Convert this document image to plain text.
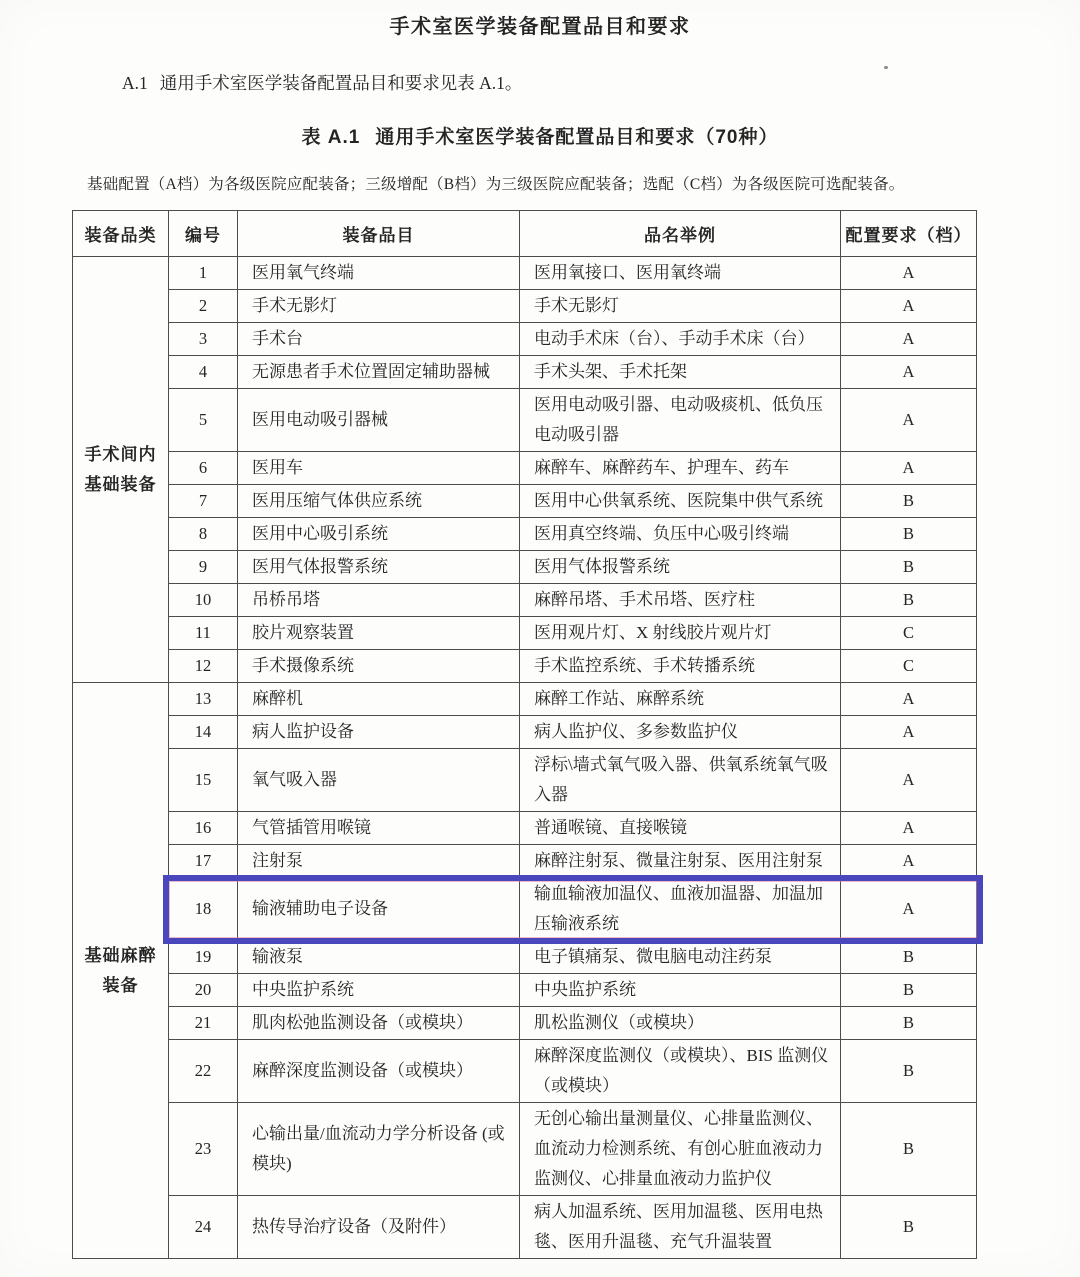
手术室医学装备配置品目和要求

A.1 通用手术室医学装备配置品目和要求见表 A.1。

表 A.1 通用手术室医学装备配置品目和要求（70种）

基础配置（A档）为各级医院应配装备；三级增配（B档）为三级医院应配装备；选配（C档）为各级医院可选配装备。

装备品类	编号	装备品目	品名举例	配置要求（档）

手术间内
基础装备	1	医用氧气终端	医用氧接口、医用氧终端	A
	2	手术无影灯	手术无影灯	A
	3	手术台	电动手术床（台）、手动手术床（台）	A
	4	无源患者手术位置固定辅助器械	手术头架、手术托架	A
	5	医用电动吸引器械	医用电动吸引器、电动吸痰机、低负压电动吸引器	A
	6	医用车	麻醉车、麻醉药车、护理车、药车	A
	7	医用压缩气体供应系统	医用中心供氧系统、医院集中供气系统	B
	8	医用中心吸引系统	医用真空终端、负压中心吸引终端	B
	9	医用气体报警系统	医用气体报警系统	B
	10	吊桥吊塔	麻醉吊塔、手术吊塔、医疗柱	B
	11	胶片观察装置	医用观片灯、X 射线胶片观片灯	C
	12	手术摄像系统	手术监控系统、手术转播系统	C

基础麻醉
装备	13	麻醉机	麻醉工作站、麻醉系统	A
	14	病人监护设备	病人监护仪、多参数监护仪	A
	15	氧气吸入器	浮标\墙式氧气吸入器、供氧系统氧气吸入器	A
	16	气管插管用喉镜	普通喉镜、直接喉镜	A
	17	注射泵	麻醉注射泵、微量注射泵、医用注射泵	A
	18	输液辅助电子设备	输血输液加温仪、血液加温器、加温加压输液系统	A
	19	输液泵	电子镇痛泵、微电脑电动注药泵	B
	20	中央监护系统	中央监护系统	B
	21	肌肉松弛监测设备（或模块）	肌松监测仪（或模块）	B
	22	麻醉深度监测设备（或模块）	麻醉深度监测仪（或模块）、BIS 监测仪（或模块）	B
	23	心输出量/血流动力学分析设备 (或模块)	无创心输出量测量仪、心排量监测仪、血流动力检测系统、有创心脏血液动力监测仪、心排量血液动力监护仪	B
	24	热传导治疗设备（及附件）	病人加温系统、医用加温毯、医用电热毯、医用升温毯、充气升温装置	B
